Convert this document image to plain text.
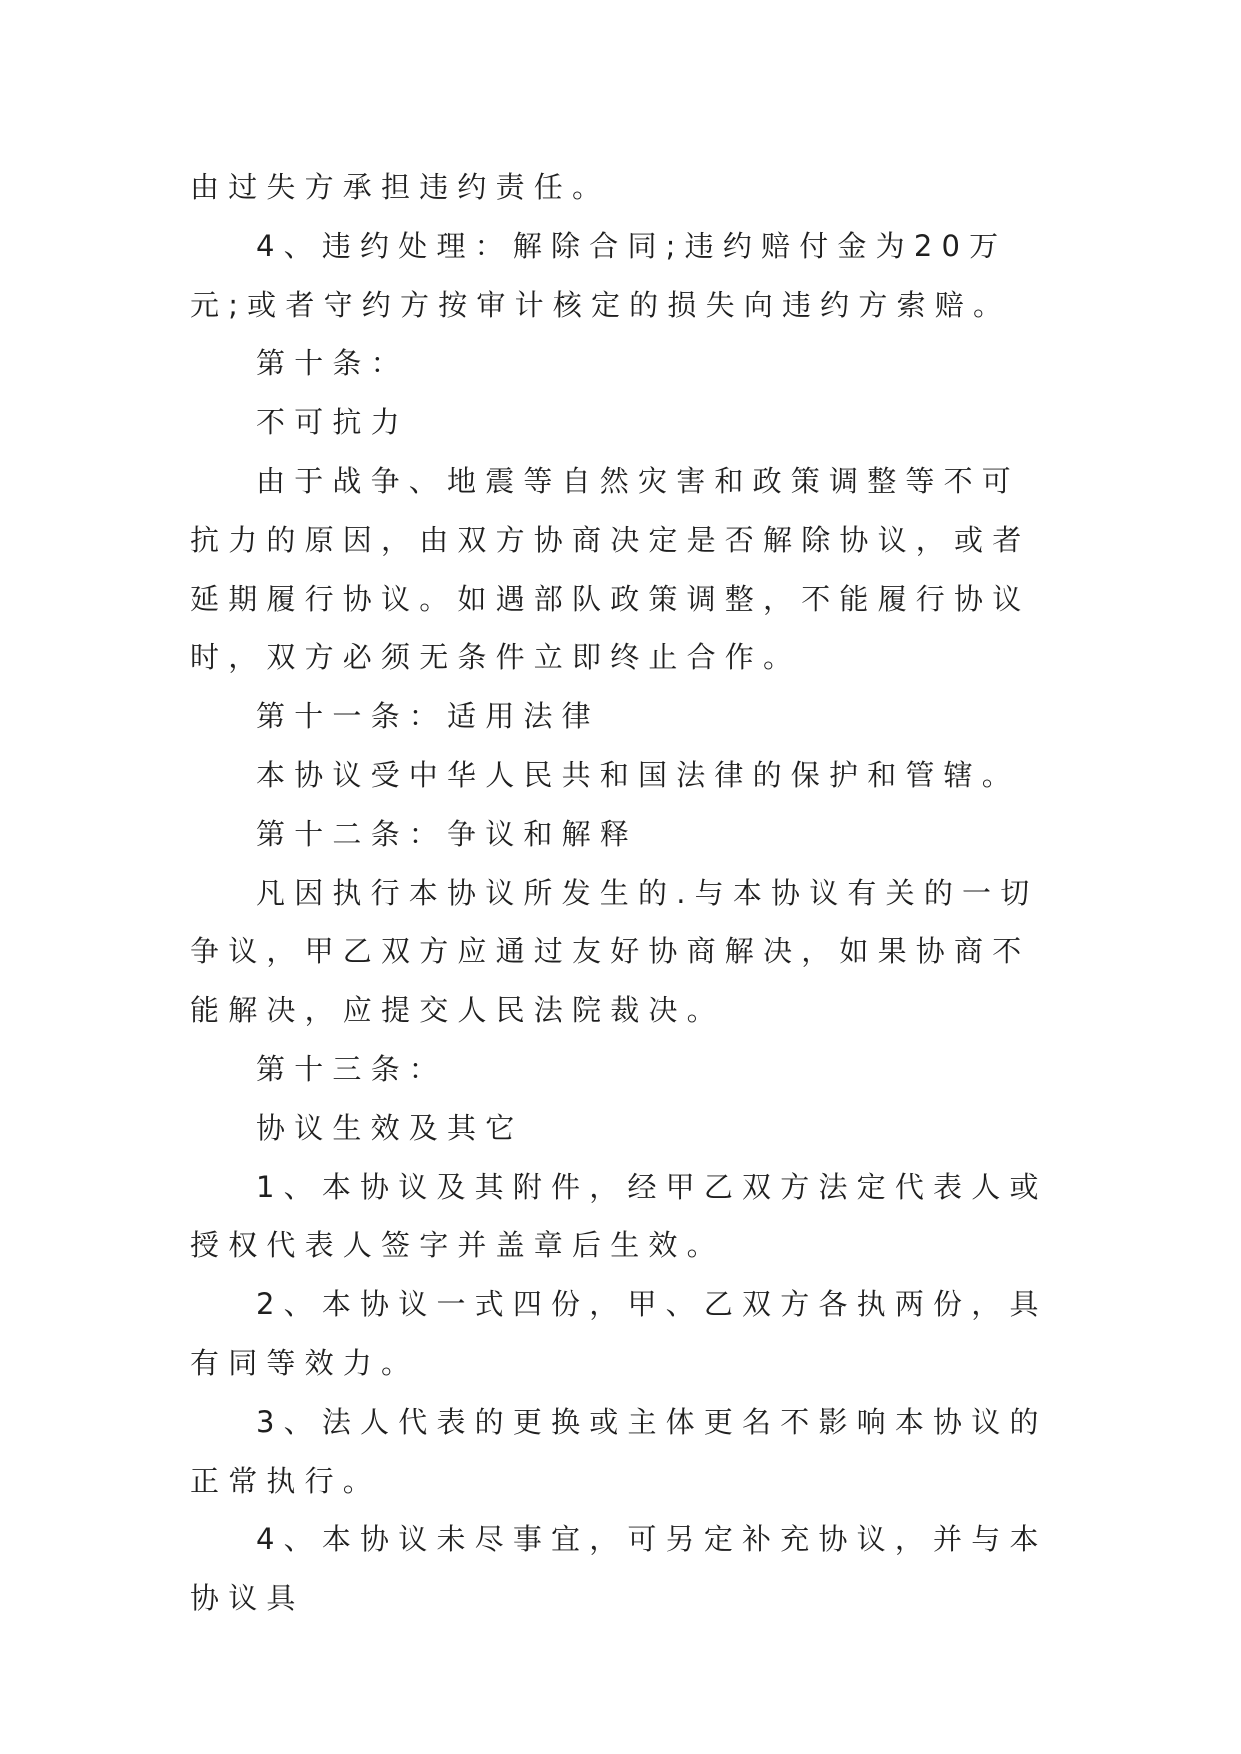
由过失方承担违约责任。

4、违约处理：解除合同;违约赔付金为20万元;或者守约方按审计核定的损失向违约方索赔。

第十条：

不可抗力

由于战争、地震等自然灾害和政策调整等不可抗力的原因，由双方协商决定是否解除协议，或者延期履行协议。如遇部队政策调整，不能履行协议时，双方必须无条件立即终止合作。

第十一条：适用法律

本协议受中华人民共和国法律的保护和管辖。

第十二条：争议和解释

凡因执行本协议所发生的.与本协议有关的一切争议，甲乙双方应通过友好协商解决，如果协商不能解决，应提交人民法院裁决。

第十三条：

协议生效及其它

1、本协议及其附件，经甲乙双方法定代表人或授权代表人签字并盖章后生效。

2、本协议一式四份，甲、乙双方各执两份，具有同等效力。

3、法人代表的更换或主体更名不影响本协议的正常执行。

4、本协议未尽事宜，可另定补充协议，并与本协议具
